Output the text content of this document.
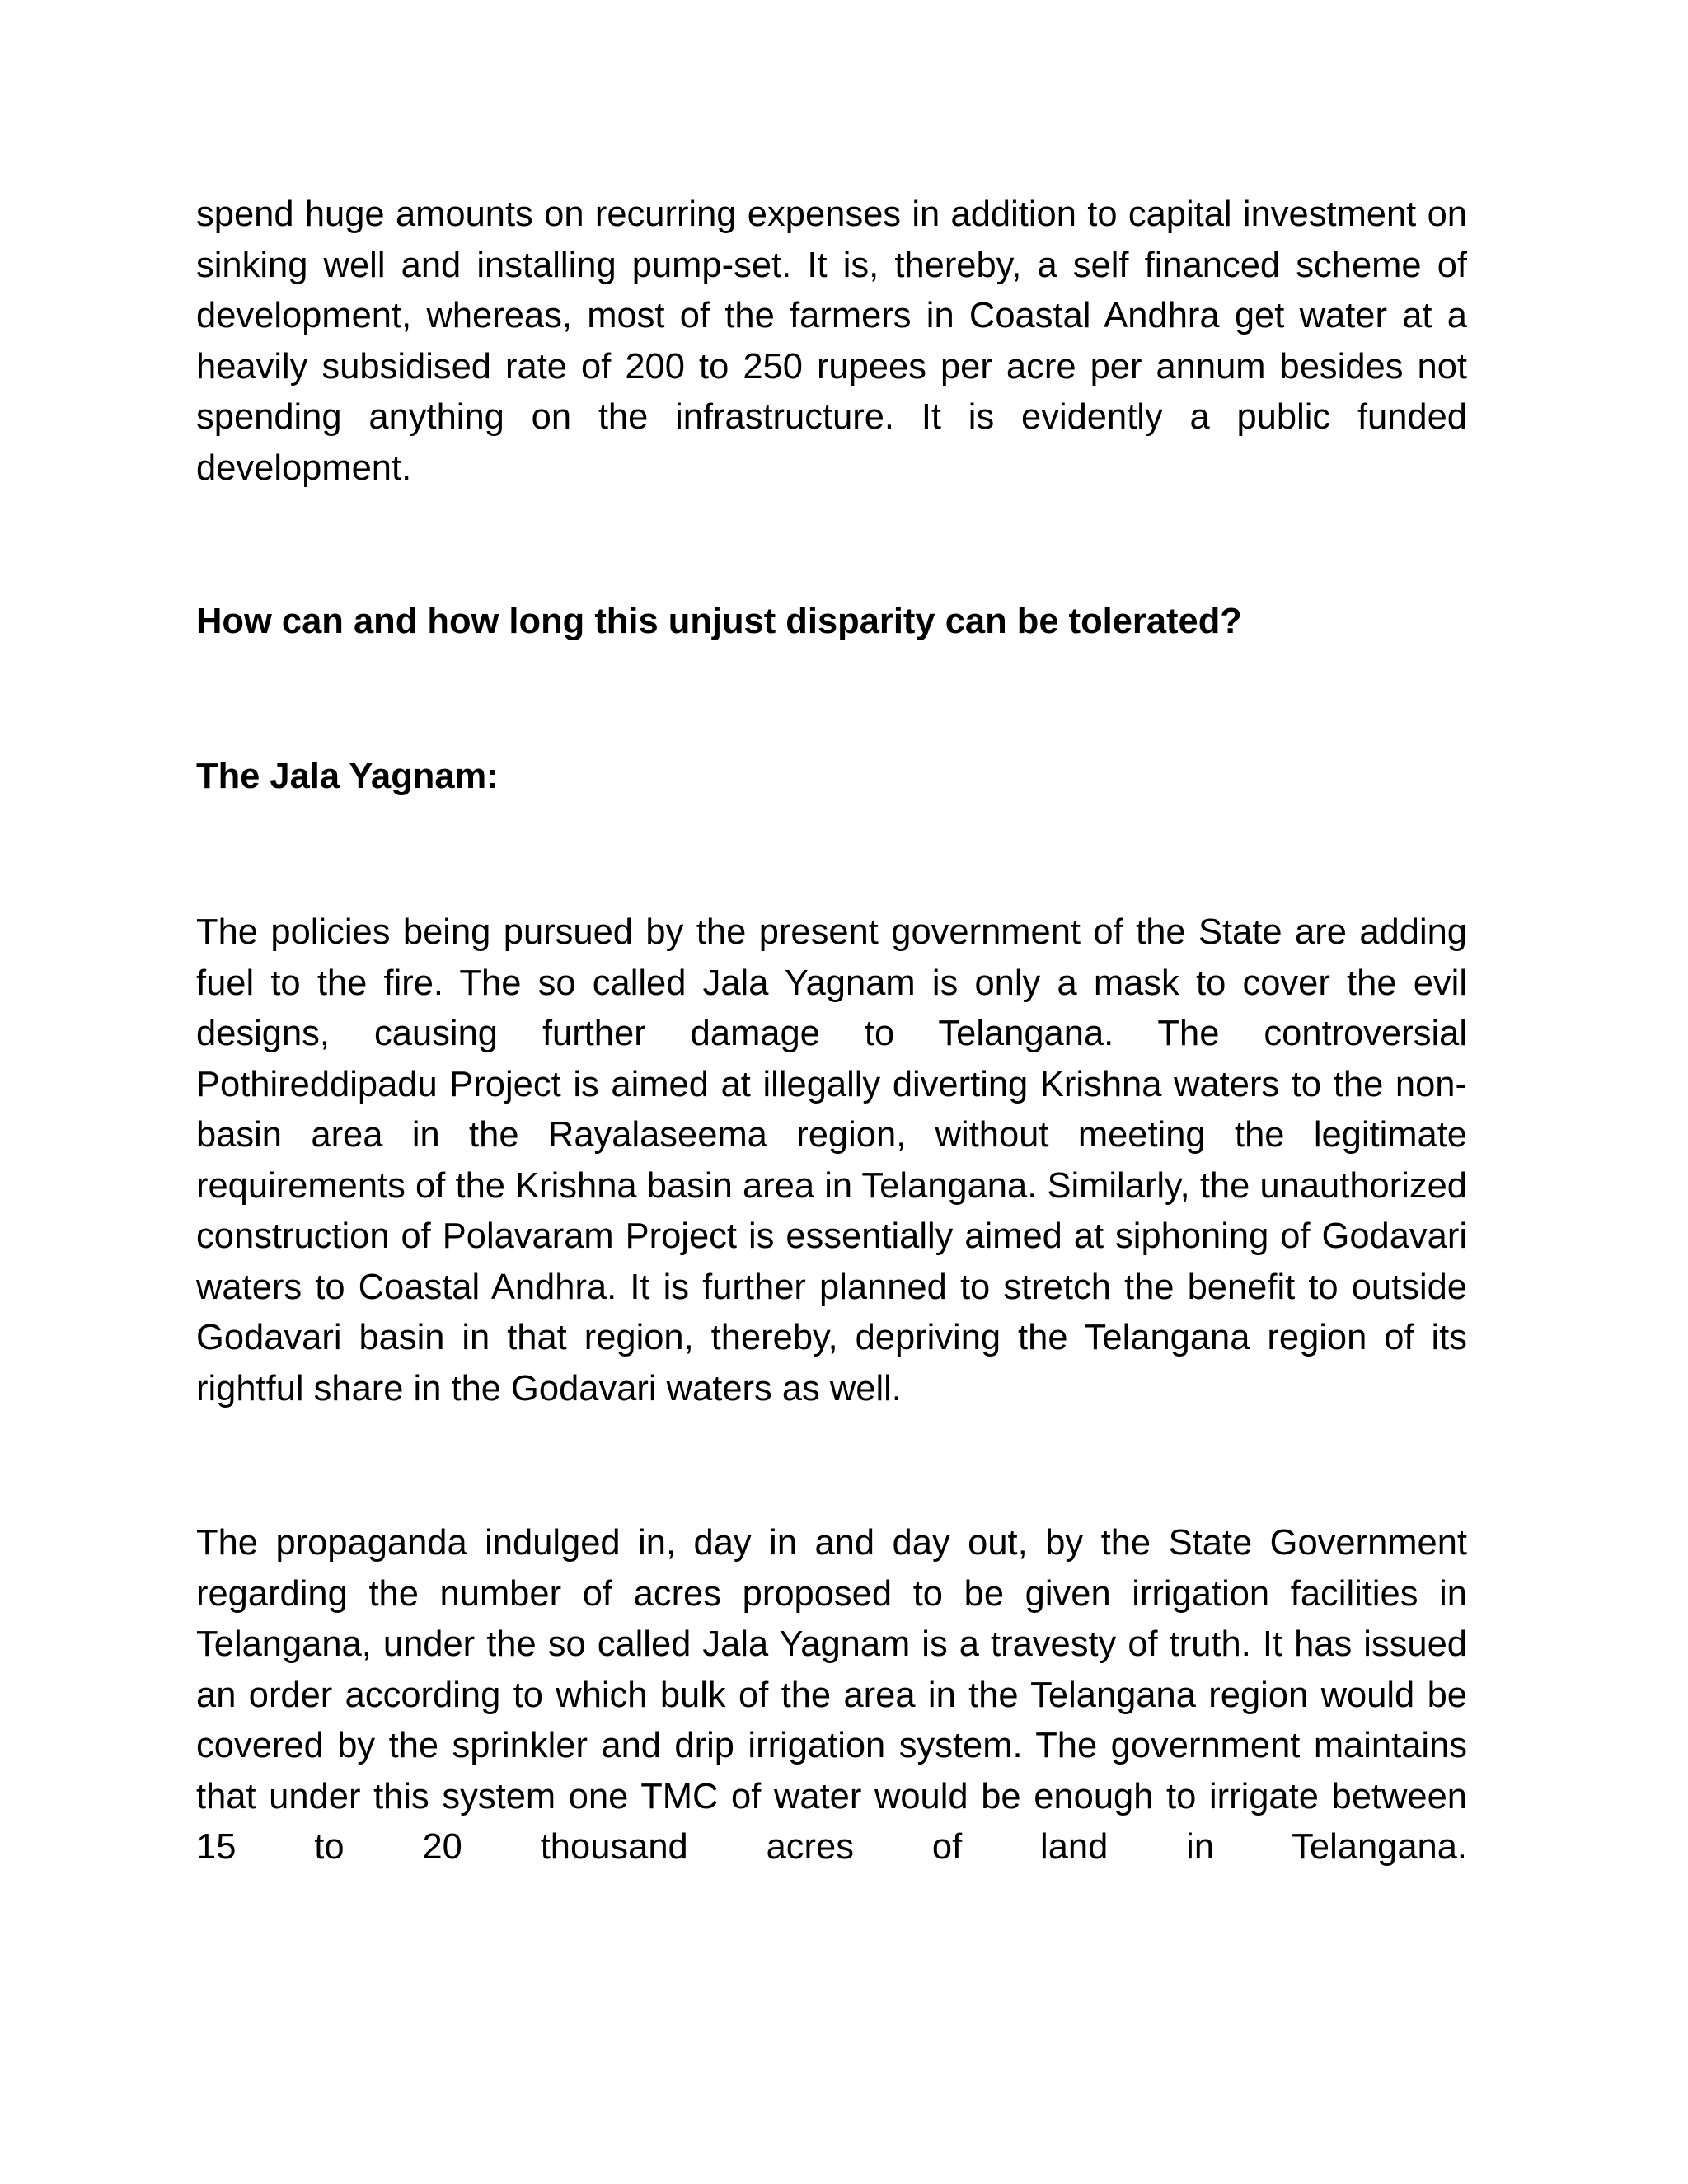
spend huge amounts on recurring expenses in addition to capital investment on sinking well and installing pump-set. It is, thereby, a self financed scheme of development, whereas, most of the farmers in Coastal Andhra get water at a heavily subsidised rate of 200 to 250 rupees per acre per annum besides not spending anything on the infrastructure. It is evidently a public funded development.

How can and how long this unjust disparity can be tolerated?

The Jala Yagnam:

The policies being pursued by the present government of the State are adding fuel to the fire. The so called Jala Yagnam is only a mask to cover the evil designs, causing further damage to Telangana. The controversial Pothireddipadu Project is aimed at illegally diverting Krishna waters to the non-basin area in the Rayalaseema region, without meeting the legitimate requirements of the Krishna basin area in Telangana. Similarly, the unauthorized construction of Polavaram Project is essentially aimed at siphoning of Godavari waters to Coastal Andhra. It is further planned to stretch the benefit to outside Godavari basin in that region, thereby, depriving the Telangana region of its rightful share in the Godavari waters as well.

The propaganda indulged in, day in and day out, by the State Government regarding the number of acres proposed to be given irrigation facilities in Telangana, under the so called Jala Yagnam is a travesty of truth. It has issued an order according to which bulk of the area in the Telangana region would be covered by the sprinkler and drip irrigation system. The government maintains that under this system one TMC of water would be enough to irrigate between 15 to 20 thousand acres of land in Telangana.
